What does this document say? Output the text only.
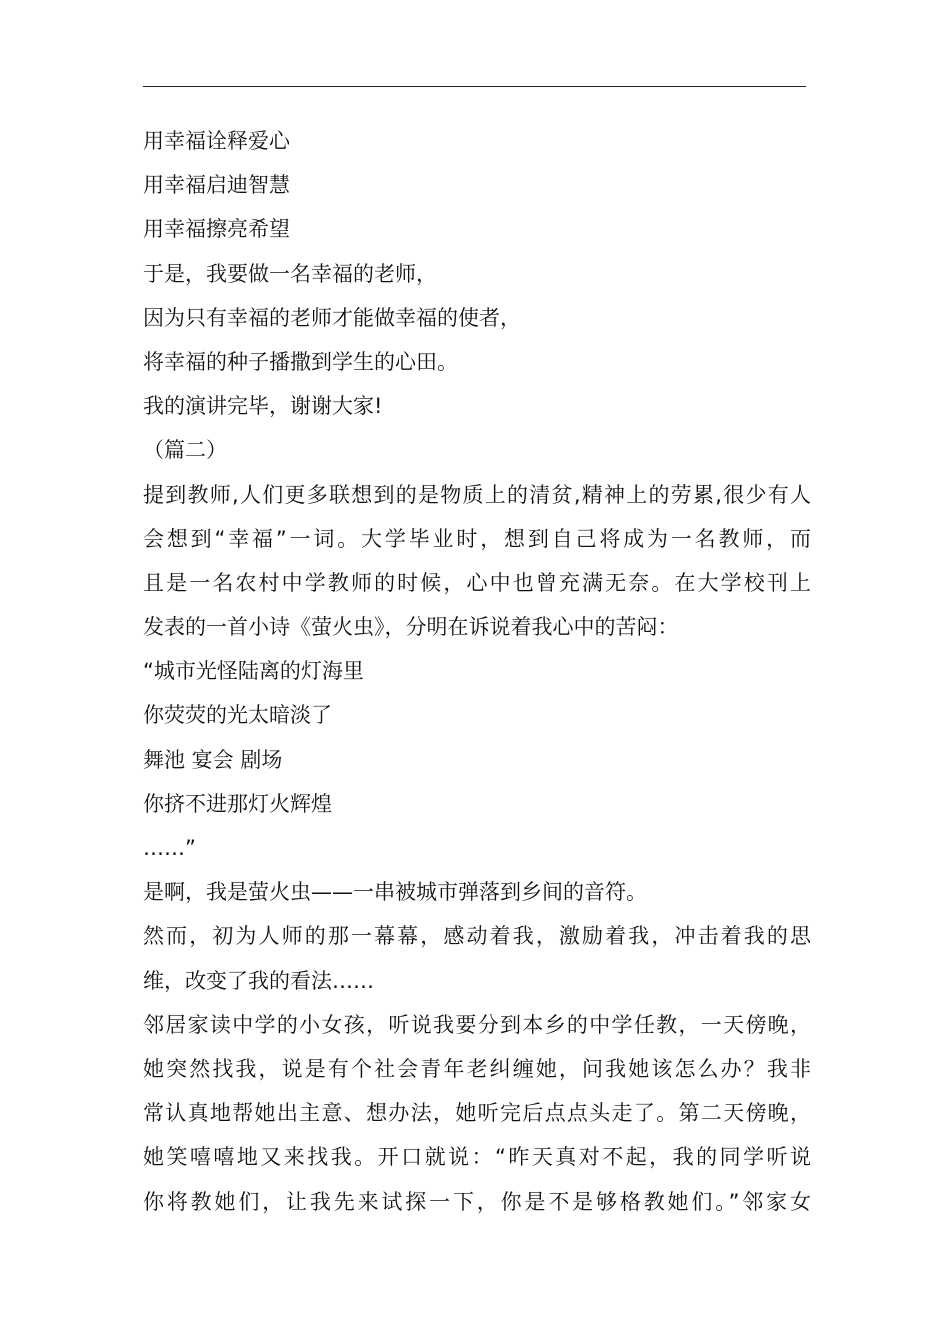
用幸福诠释爱心
用幸福启迪智慧
用幸福擦亮希望
于是，我要做一名幸福的老师，
因为只有幸福的老师才能做幸福的使者，
将幸福的种子播撒到学生的心田。
我的演讲完毕，谢谢大家!
（篇二）
提到教师,人们更多联想到的是物质上的清贫,精神上的劳累,很少有人
会想到“幸福”一词。大学毕业时，想到自己将成为一名教师，而
且是一名农村中学教师的时候，心中也曾充满无奈。在大学校刊上
发表的一首小诗《萤火虫》，分明在诉说着我心中的苦闷：
“城市光怪陆离的灯海里
你荧荧的光太暗淡了
舞池 宴会 剧场
你挤不进那灯火辉煌
……”
是啊，我是萤火虫——一串被城市弹落到乡间的音符。
然而，初为人师的那一幕幕，感动着我，激励着我，冲击着我的思
维，改变了我的看法……
邻居家读中学的小女孩，听说我要分到本乡的中学任教，一天傍晚，
她突然找我，说是有个社会青年老纠缠她，问我她该怎么办？我非
常认真地帮她出主意、想办法，她听完后点点头走了。第二天傍晚，
她笑嘻嘻地又来找我。开口就说：“昨天真对不起，我的同学听说
你将教她们，让我先来试探一下，你是不是够格教她们。”邻家女
